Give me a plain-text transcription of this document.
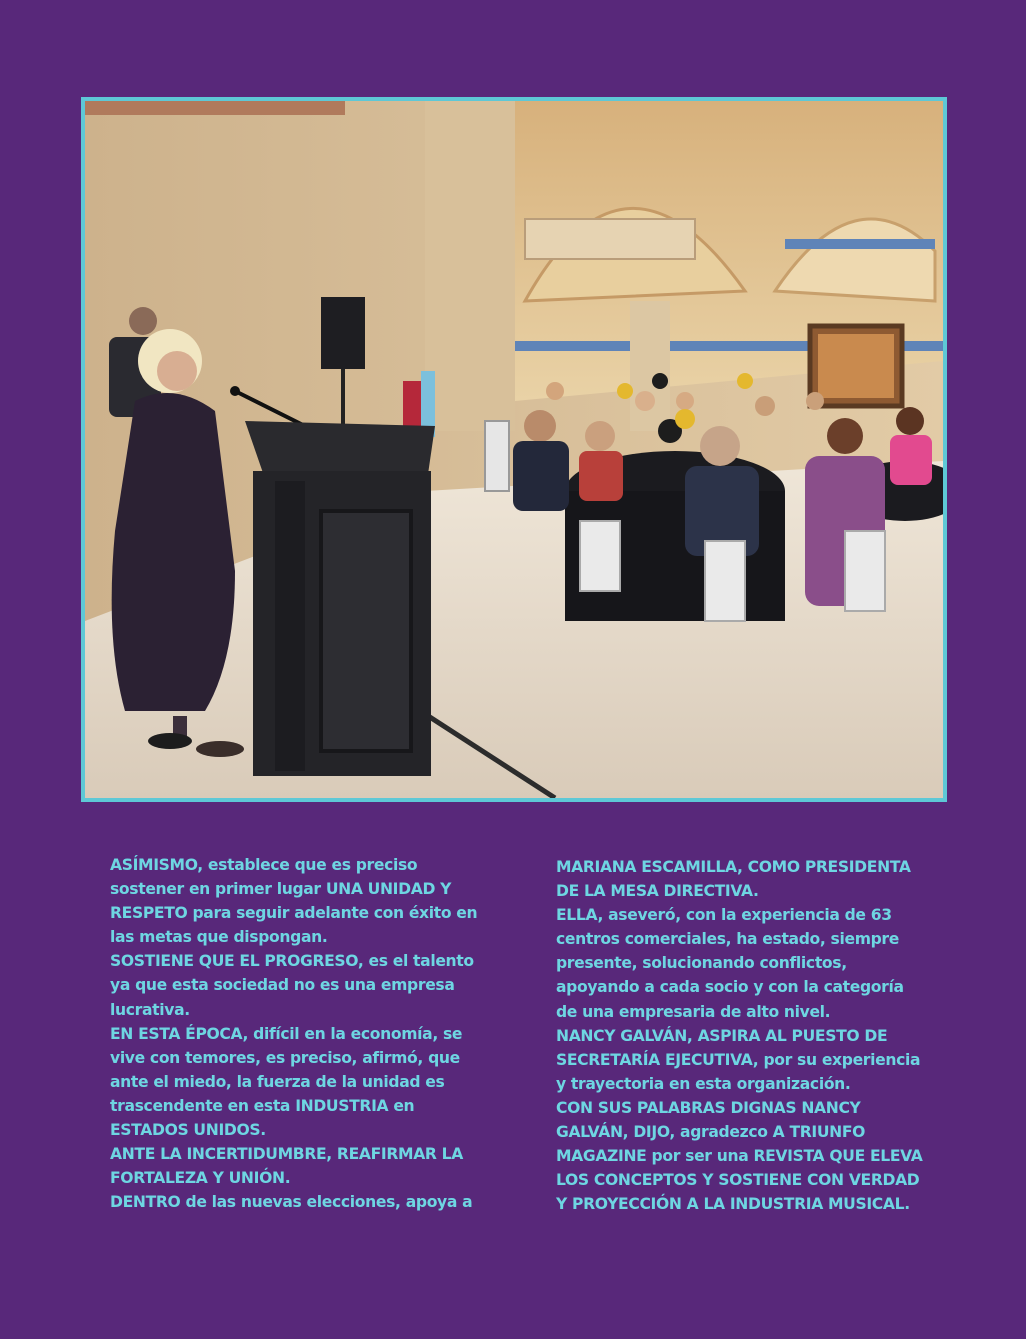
ASÍMISMO, establece que es preciso
sostener en primer lugar UNA UNIDAD Y
RESPETO para seguir adelante con éxito en
las metas que dispongan.

SOSTIENE QUE EL PROGRESO, es el talento
ya que esta sociedad no es una empresa
lucrativa.

EN ESTA ÉPOCA, difícil en la economía, se
vive con temores, es preciso, afirmó, que
ante el miedo, la fuerza de la unidad es
trascendente en esta INDUSTRIA en
ESTADOS UNIDOS.

ANTE LA INCERTIDUMBRE, REAFIRMAR LA
FORTALEZA Y UNIÓN.

DENTRO de las nuevas elecciones, apoya a

MARIANA ESCAMILLA, COMO PRESIDENTA
DE LA MESA DIRECTIVA.

ELLA, aseveró, con la experiencia de 63
centros comerciales, ha estado, siempre
presente, solucionando conflictos,
apoyando a cada socio y con la categoría
de una empresaria de alto nivel.

NANCY GALVÁN, ASPIRA AL PUESTO DE
SECRETARÍA EJECUTIVA, por su experiencia
y trayectoria en esta organización.

CON SUS PALABRAS DIGNAS NANCY
GALVÁN, DIJO, agradezco A TRIUNFO
MAGAZINE por ser una REVISTA QUE ELEVA
LOS CONCEPTOS Y SOSTIENE CON VERDAD
Y PROYECCIÓN A LA INDUSTRIA MUSICAL.
